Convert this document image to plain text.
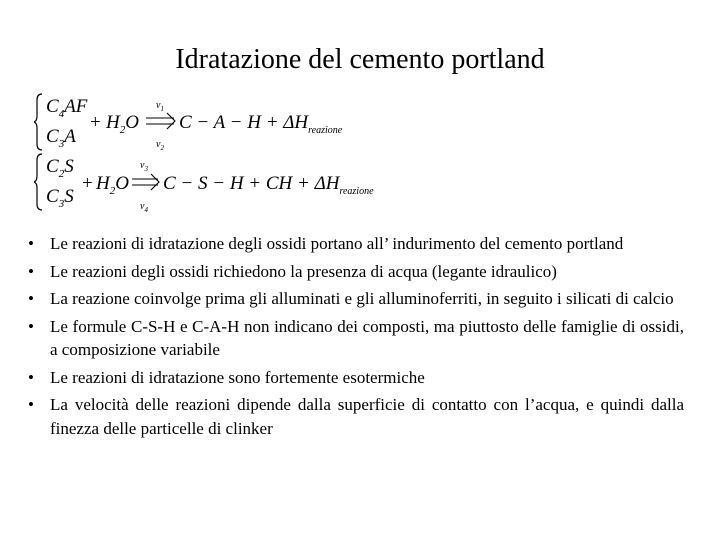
Idratazione del cemento portland
$C_4AF$
$C_3A$
+ $H_2O$
$v_1$
$v_2$
$C - A - H + \Delta H_{reazione}$
$C_2S$
$C_3S$
+ $H_2O$
$v_3$
$v_4$
C − S − H + CH + $\Delta H_{reazione}$
• Le reazioni di idratazione degli ossidi portano all’ indurimento del cemento portland
• Le reazioni degli ossidi richiedono la presenza di acqua (legante idraulico)
• La reazione coinvolge prima gli alluminati e gli alluminoferriti, in seguito i silicati di calcio
• Le formule C-S-H e C-A-H non indicano dei composti, ma piuttosto delle famiglie di ossidi, a composizione variabile
• Le reazioni di idratazione sono fortemente esotermiche
• La velocità delle reazioni dipende dalla superficie di contatto con l’acqua, e quindi dalla finezza delle particelle di clinker
